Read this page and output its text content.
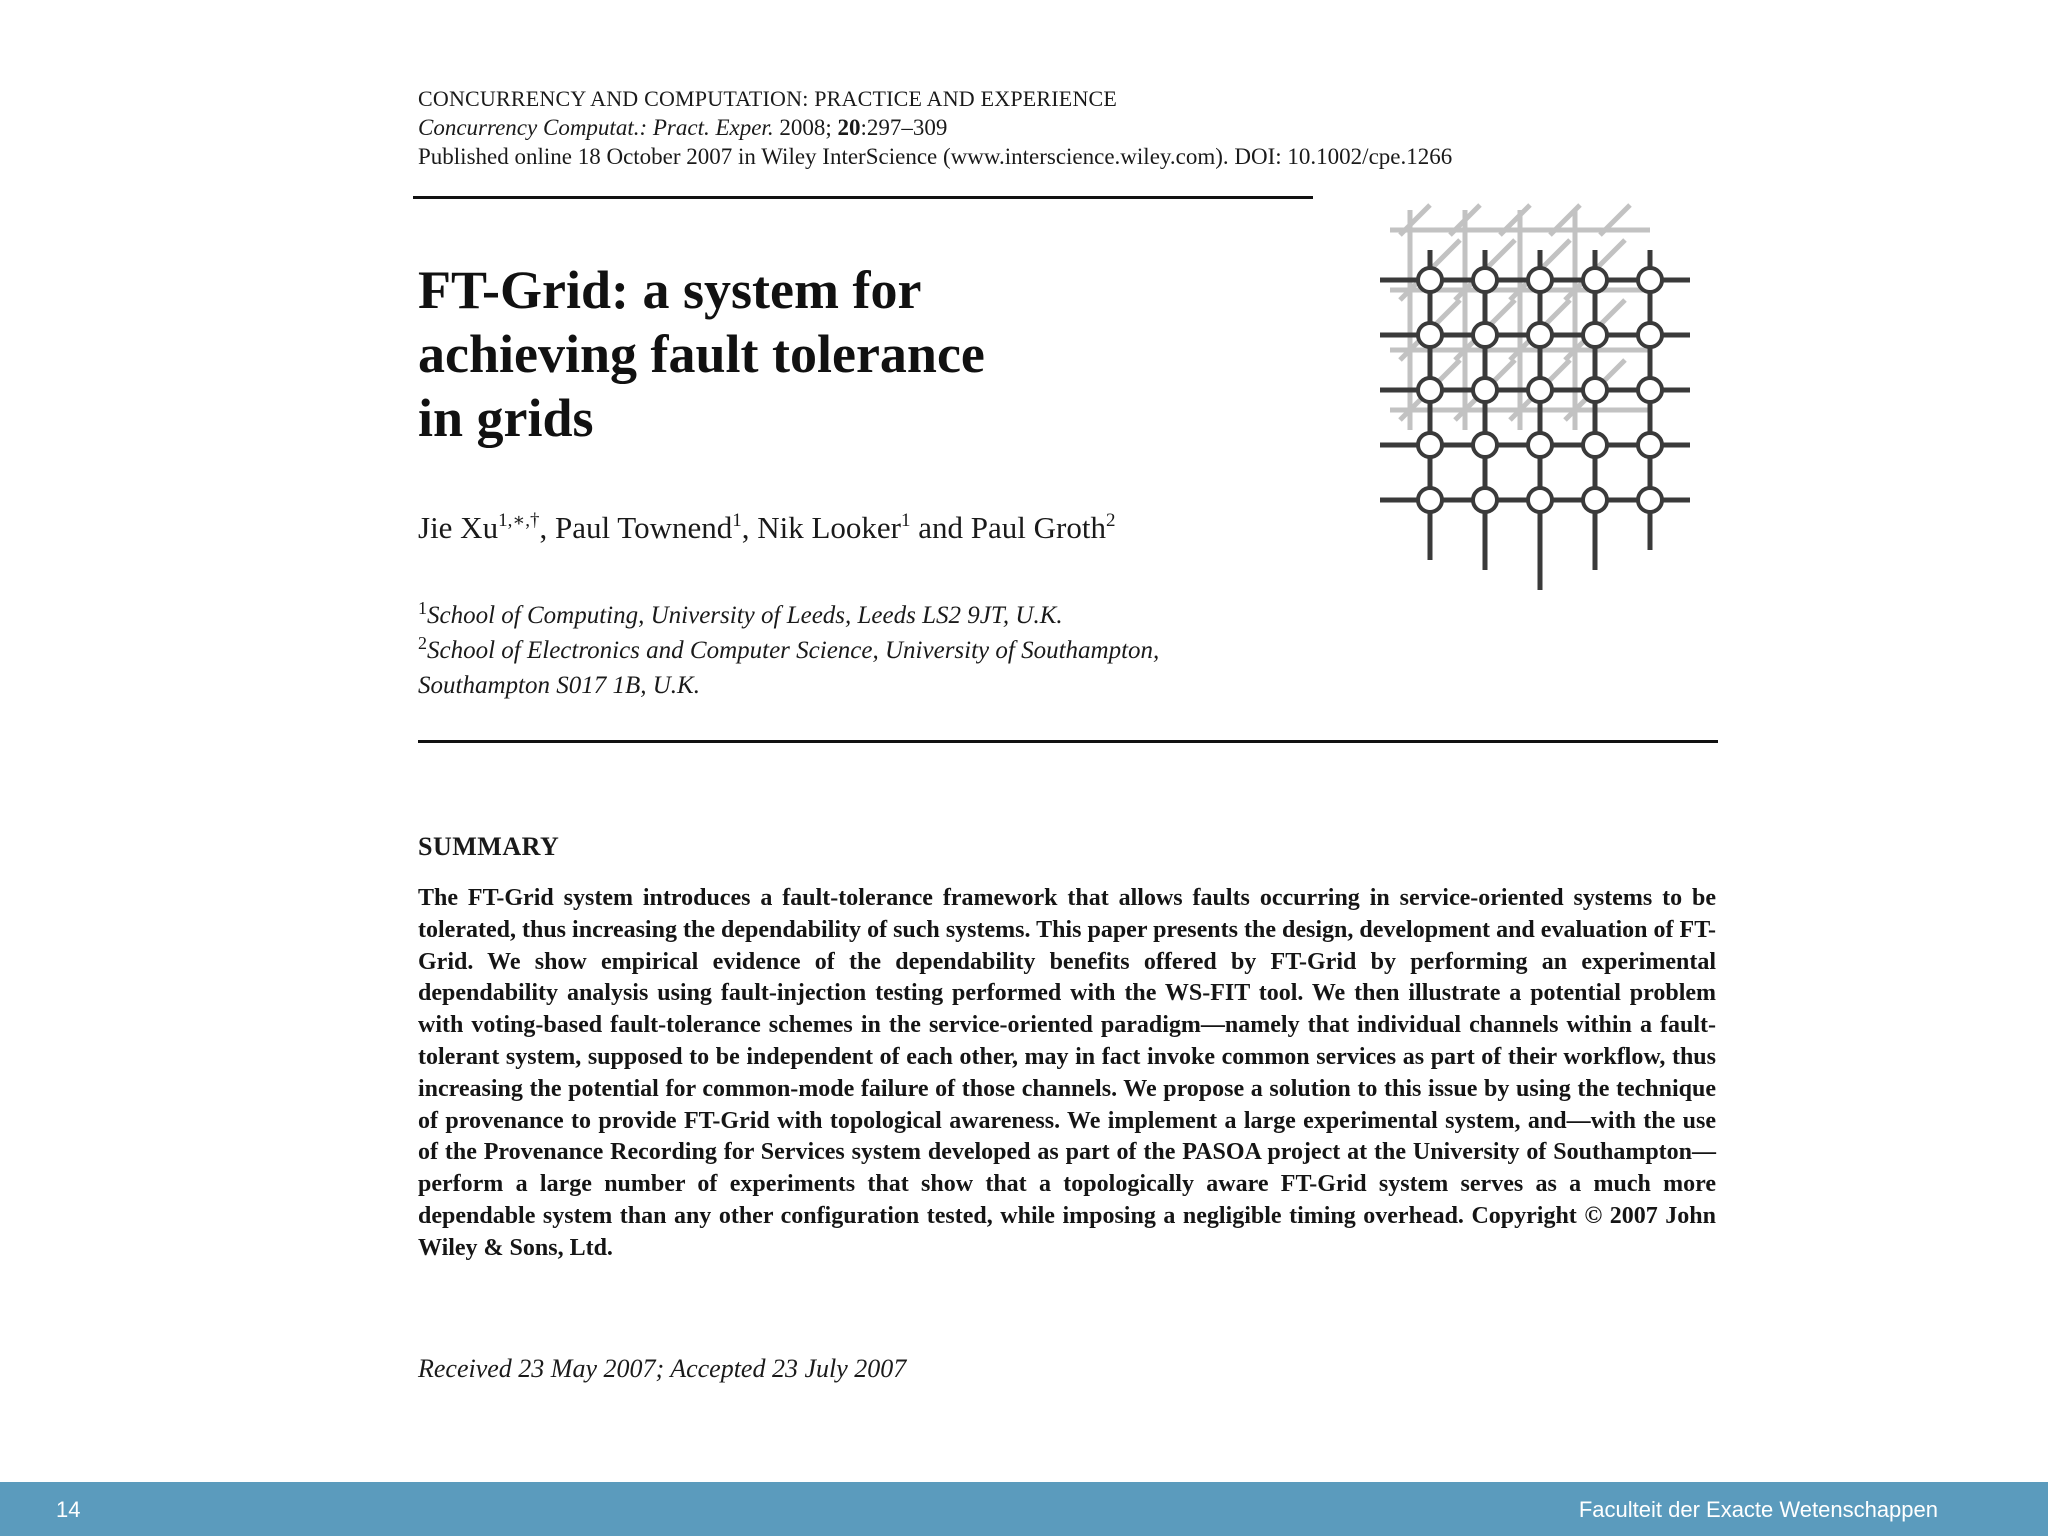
CONCURRENCY AND COMPUTATION: PRACTICE AND EXPERIENCE
Concurrency Computat.: Pract. Exper. 2008; 20:297–309
Published online 18 October 2007 in Wiley InterScience (www.interscience.wiley.com). DOI: 10.1002/cpe.1266
FT-Grid: a system for
achieving fault tolerance
in grids
Jie $Xu^{1,∗,\dagger}$, Paul Townend$^1$, Nik Looker$^1$ and Paul Groth$^2$
$^1$School of Computing, University of Leeds, Leeds LS2 9JT, U.K.
$^2$School of Electronics and Computer Science, University of Southampton,
Southampton S017 1B, U.K.
SUMMARY
The FT-Grid system introduces a fault-tolerance framework that allows faults occurring in service-oriented systems to be tolerated, thus increasing the dependability of such systems. This paper presents the design, development and evaluation of FT-Grid. We show empirical evidence of the dependability benefits offered by FT-Grid by performing an experimental dependability analysis using fault-injection testing performed with the WS-FIT tool. We then illustrate a potential problem with voting-based fault-tolerance schemes in the service-oriented paradigm—namely that individual channels within a fault-tolerant system, supposed to be independent of each other, may in fact invoke common services as part of their workflow, thus increasing the potential for common-mode failure of those channels. We propose a solution to this issue by using the technique of provenance to provide FT-Grid with topological awareness. We implement a large experimental system, and—with the use of the Provenance Recording for Services system developed as part of the PASOA project at the University of Southampton—perform a large number of experiments that show that a topologically aware FT-Grid system serves as a much more dependable system than any other configuration tested, while imposing a negligible timing overhead. Copyright © 2007 John Wiley & Sons, Ltd.
Received 23 May 2007; Accepted 23 July 2007
14	Faculteit der Exacte Wetenschappen
